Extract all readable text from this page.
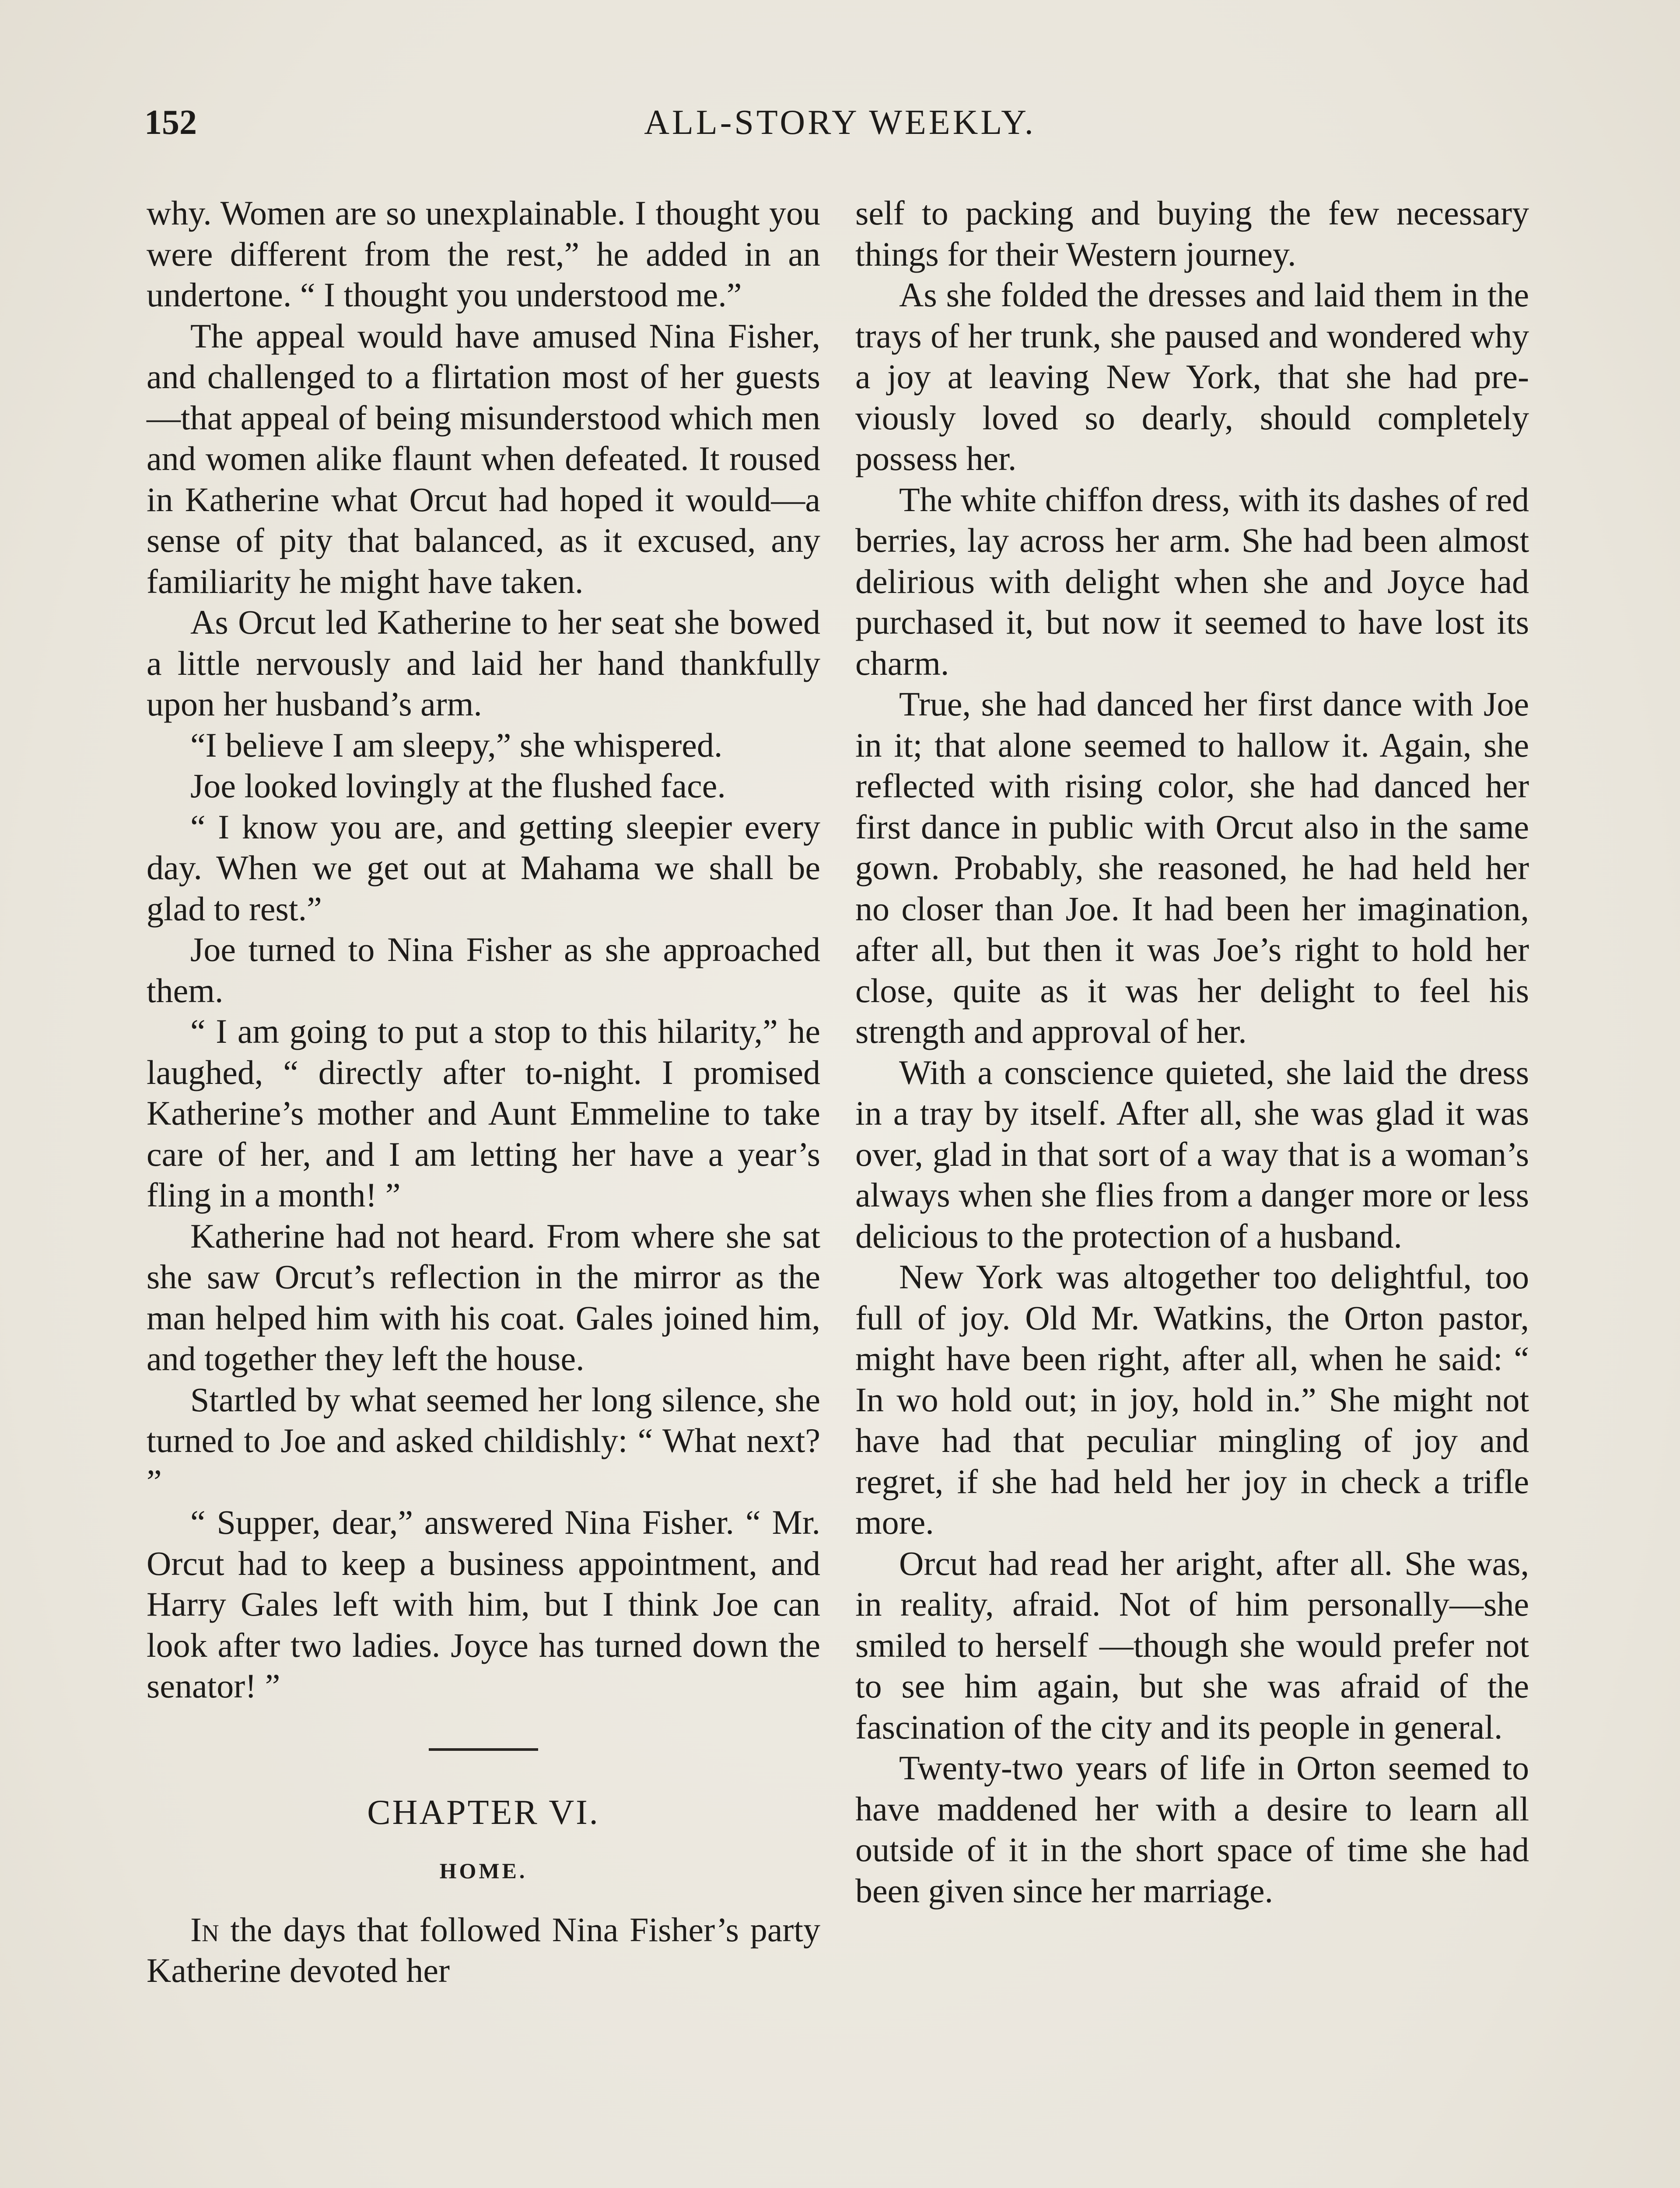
152	ALL-STORY WEEKLY.

why. Women are so unexplainable. I thought you were different from the rest,” he added in an undertone. “ I thought you understood me.”

The appeal would have amused Nina Fisher, and challenged to a flirtation most of her guests—that appeal of being misunderstood which men and women alike flaunt when defeated. It roused in Katherine what Orcut had hoped it would—a sense of pity that balanced, as it excused, any familiarity he might have taken.

As Orcut led Katherine to her seat she bowed a little nervously and laid her hand thankfully upon her husband’s arm.

“I believe I am sleepy,” she whispered.

Joe looked lovingly at the flushed face.

“ I know you are, and getting sleepier every day. When we get out at Mahama we shall be glad to rest.”

Joe turned to Nina Fisher as she approached them.

“ I am going to put a stop to this hilarity,” he laughed, “ directly after to-night. I promised Katherine’s mother and Aunt Emmeline to take care of her, and I am letting her have a year’s fling in a month! ”

Katherine had not heard. From where she sat she saw Orcut’s reflection in the mirror as the man helped him with his coat. Gales joined him, and together they left the house.

Startled by what seemed her long silence, she turned to Joe and asked childishly: “ What next? ”

“ Supper, dear,” answered Nina Fisher. “ Mr. Orcut had to keep a business appointment, and Harry Gales left with him, but I think Joe can look after two ladies. Joyce has turned down the senator! ”

CHAPTER VI.
HOME.

In the days that followed Nina Fisher’s party Katherine devoted her

self to packing and buying the few necessary things for their Western journey.

As she folded the dresses and laid them in the trays of her trunk, she paused and wondered why a joy at leaving New York, that she had previously loved so dearly, should completely possess her.

The white chiffon dress, with its dashes of red berries, lay across her arm. She had been almost delirious with delight when she and Joyce had purchased it, but now it seemed to have lost its charm.

True, she had danced her first dance with Joe in it; that alone seemed to hallow it. Again, she reflected with rising color, she had danced her first dance in public with Orcut also in the same gown. Probably, she reasoned, he had held her no closer than Joe. It had been her imagination, after all, but then it was Joe’s right to hold her close, quite as it was her delight to feel his strength and approval of her.

With a conscience quieted, she laid the dress in a tray by itself. After all, she was glad it was over, glad in that sort of a way that is a woman’s always when she flies from a danger more or less delicious to the protection of a husband.

New York was altogether too delightful, too full of joy. Old Mr. Watkins, the Orton pastor, might have been right, after all, when he said: “ In wo hold out; in joy, hold in.” She might not have had that peculiar mingling of joy and regret, if she had held her joy in check a trifle more.

Orcut had read her aright, after all. She was, in reality, afraid. Not of him personally—she smiled to herself —though she would prefer not to see him again, but she was afraid of the fascination of the city and its people in general.

Twenty-two years of life in Orton seemed to have maddened her with a desire to learn all outside of it in the short space of time she had been given since her marriage.
